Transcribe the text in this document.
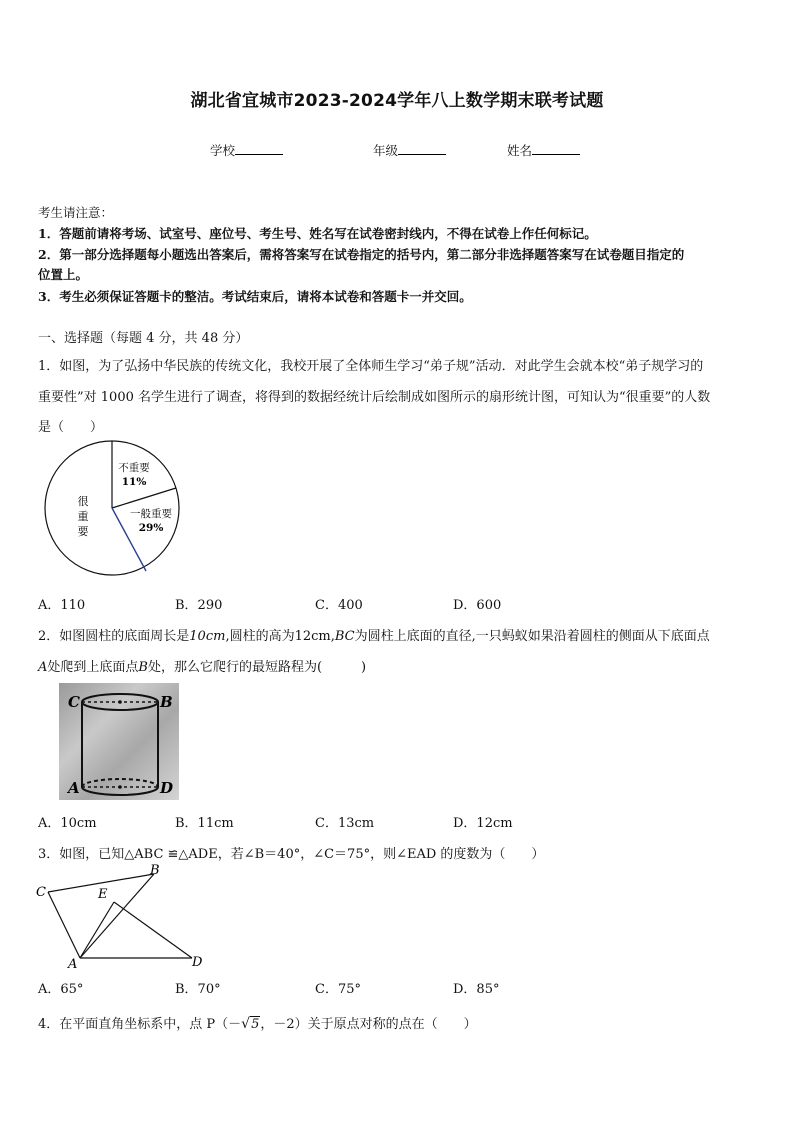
湖北省宜城市2023-2024学年八上数学期末联考试题
学校	年级	姓名
考生请注意：
1．答题前请将考场、试室号、座位号、考生号、姓名写在试卷密封线内，不得在试卷上作任何标记。
2．第一部分选择题每小题选出答案后，需将答案写在试卷指定的括号内，第二部分非选择题答案写在试卷题目指定的
位置上。
3．考生必须保证答题卡的整洁。考试结束后，请将本试卷和答题卡一并交回。
一、选择题（每题 4 分，共 48 分）
1．如图，为了弘扬中华民族的传统文化，我校开展了全体师生学习“弟子规”活动．对此学生会就本校“弟子规学习的
重要性”对 1000 名学生进行了调查，将得到的数据经统计后绘制成如图所示的扇形统计图，可知认为“很重要”的人数
是（　　）
不重要
11%
一般重要
29%
很
重
要
A．110	B．290	C．400	D．600
2．如图圆柱的底面周长是10cm,圆柱的高为12cm,BC为圆柱上底面的直径,一只蚂蚁如果沿着圆柱的侧面从下底面点
A处爬到上底面点B处，那么它爬行的最短路程为(　　　)
C	B
A	D
A．10cm	B．11cm	C．13cm	D．12cm
3．如图，已知△ABC ≌△ADE，若∠B＝40°，∠C＝75°，则∠EAD 的度数为（　　）
C
B
E
A	D
A．65°	B．70°	C．75°	D．85°
4．在平面直角坐标系中，点 P（－√5，－2）关于原点对称的点在（　　）
